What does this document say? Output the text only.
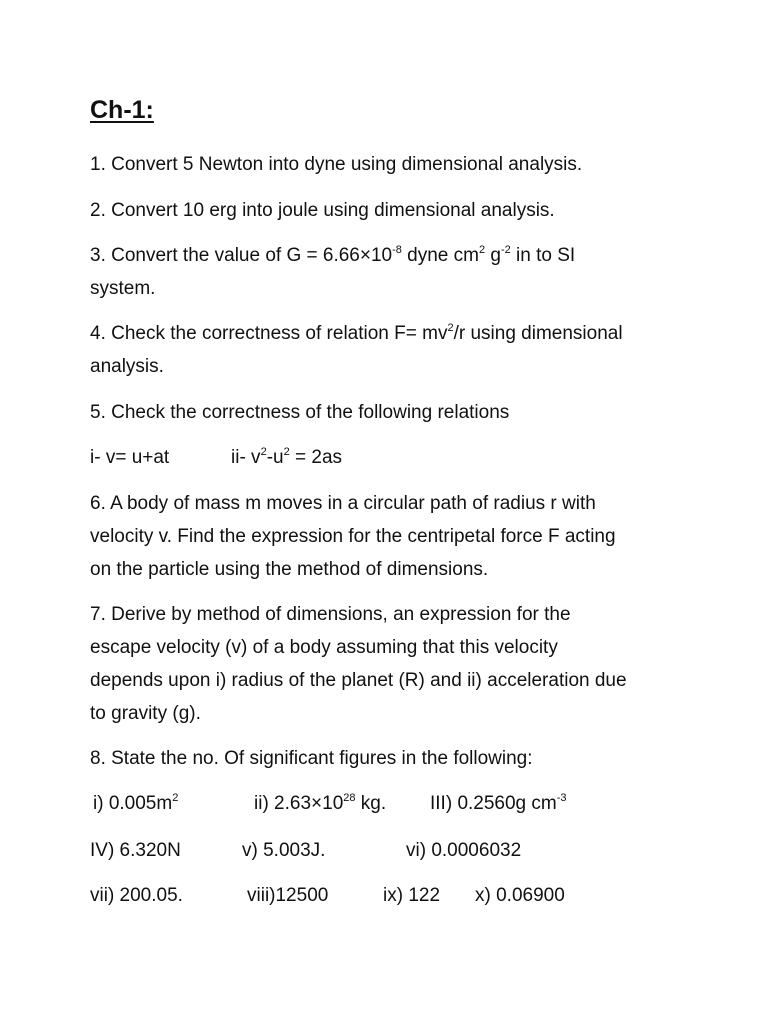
Ch-1:
1. Convert 5 Newton into dyne using dimensional analysis.
2. Convert 10 erg into joule using dimensional analysis.
3. Convert the value of $G = 6.66\times 10^{-8}$ dyne $cm^2$ $g^{-2}$ in to SI
system.
4. Check the correctness of relation $F= mv^2/r$ using dimensional
analysis.
5. Check the correctness of the following relations
i- v= u+at	ii- $v^2-u^2 = 2as$
6. A body of mass m moves in a circular path of radius r with
velocity v. Find the expression for the centripetal force F acting
on the particle using the method of dimensions.
7. Derive by method of dimensions, an expression for the
escape velocity (v) of a body assuming that this velocity
depends upon i) radius of the planet (R) and ii) acceleration due
to gravity (g).
8. State the no. Of significant figures in the following:
i) $0.005m^2$	ii) $2.63\times 10^{28}$ kg. III) 0.2560g $cm^{-3}$
IV) 6.320N	v) 5.003J.	vi) 0.0006032
vii) 200.05.	viii)12500	ix) 122 x) 0.06900
